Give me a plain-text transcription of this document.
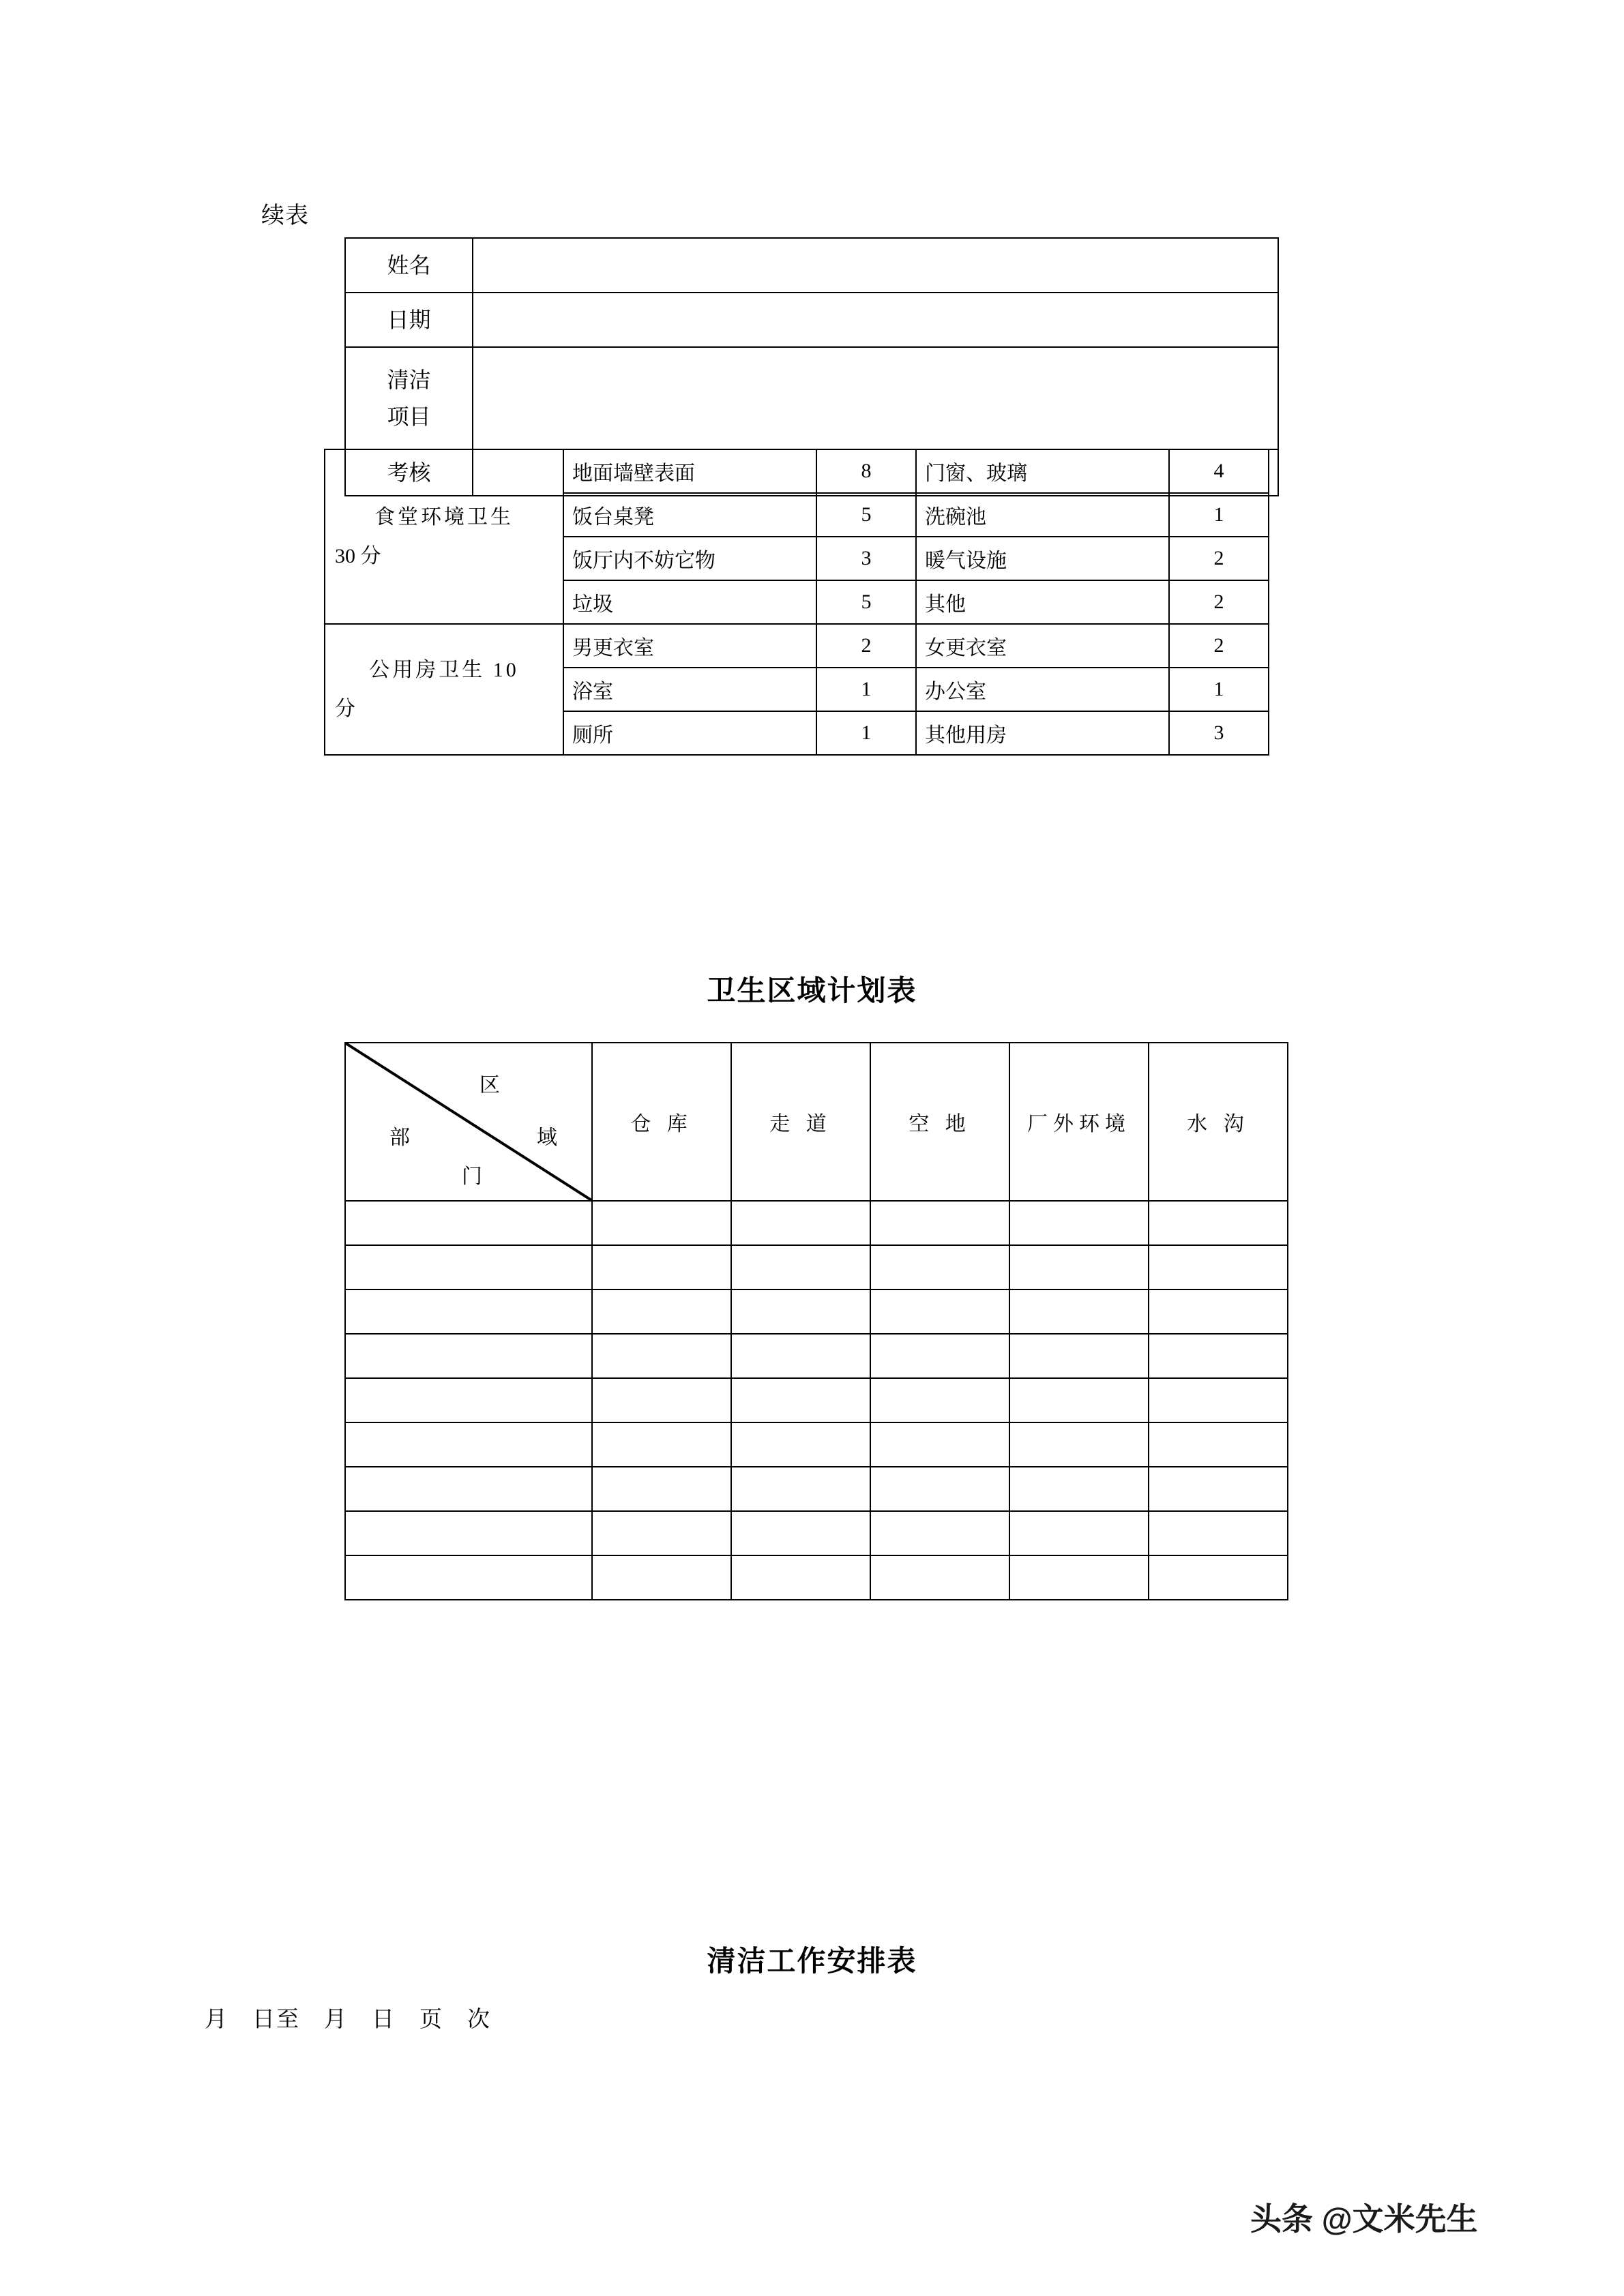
续表
姓名	
日期	

清洁
项目	

考核	
食堂环境卫生
30 分	地面墙壁表面	8	门窗、玻璃	4
	饭台桌凳	5	洗碗池	1
	饭厅内不妨它物	3	暖气设施	2
	垃圾	5	其他	2
公用房卫生 10
分	男更衣室	2	女更衣室	2
	浴室	1	办公室	1
	厕所	1	其他用房	3
卫生区域计划表
区
部 域
门	仓 库	走 道	空 地	厂外环境	水 沟

清洁工作安排表
月　日至　月　日　页　次
头条 @文米先生
